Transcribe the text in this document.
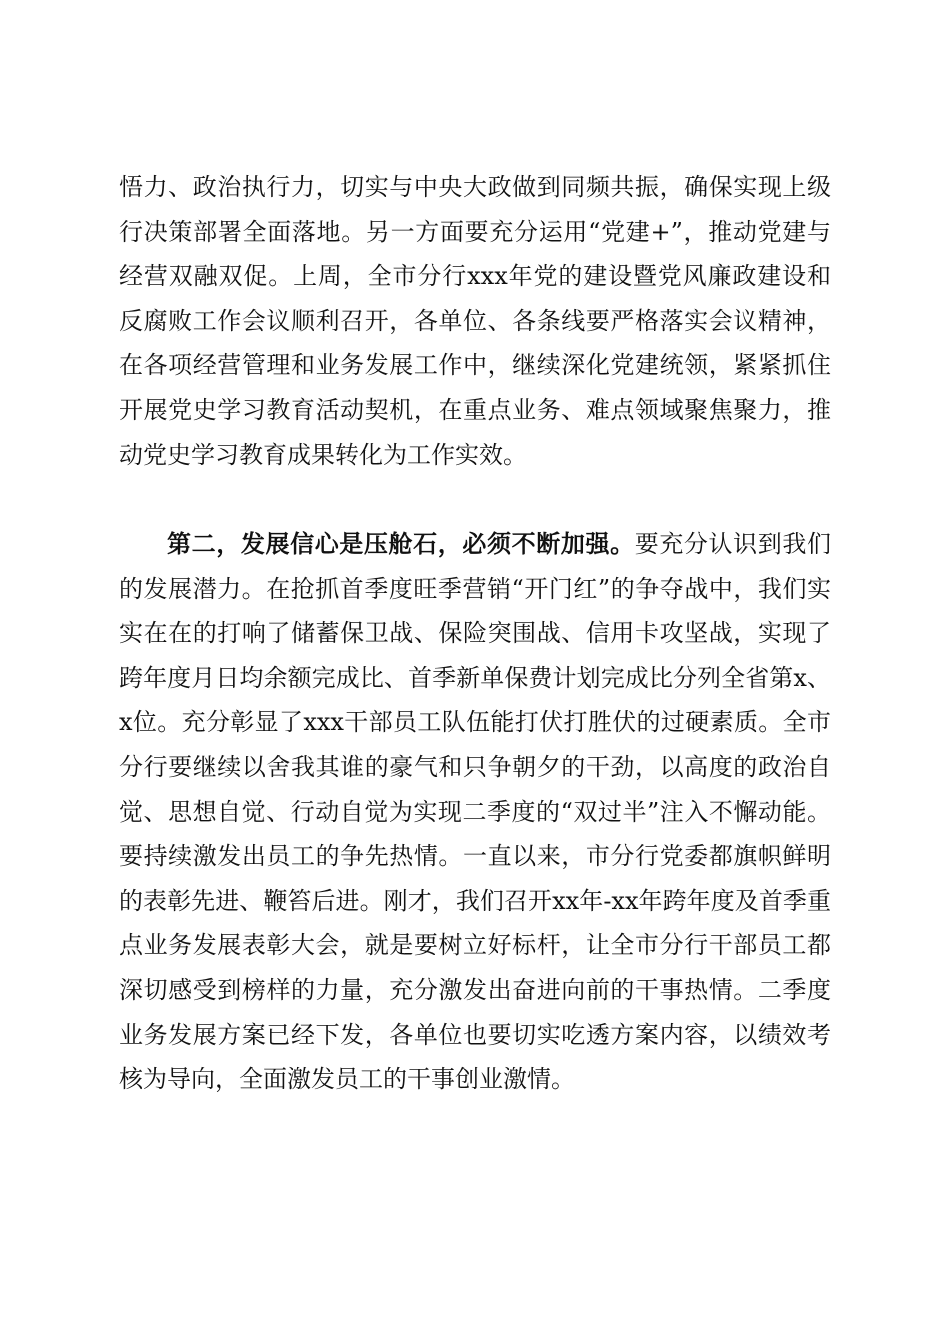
悟力、政治执行力，切实与中央大政做到同频共振，确保实现上级行决策部署全面落地。另一方面要充分运用“党建+”，推动党建与经营双融双促。上周，全市分行xxx年党的建设暨党风廉政建设和反腐败工作会议顺利召开，各单位、各条线要严格落实会议精神，在各项经营管理和业务发展工作中，继续深化党建统领，紧紧抓住开展党史学习教育活动契机，在重点业务、难点领域聚焦聚力，推动党史学习教育成果转化为工作实效。

第二，发展信心是压舱石，必须不断加强。要充分认识到我们的发展潜力。在抢抓首季度旺季营销“开门红”的争夺战中，我们实实在在的打响了储蓄保卫战、保险突围战、信用卡攻坚战，实现了跨年度月日均余额完成比、首季新单保费计划完成比分列全省第x、x位。充分彰显了xxx干部员工队伍能打伏打胜伏的过硬素质。全市分行要继续以舍我其谁的豪气和只争朝夕的干劲，以高度的政治自觉、思想自觉、行动自觉为实现二季度的“双过半”注入不懈动能。要持续激发出员工的争先热情。一直以来，市分行党委都旗帜鲜明的表彰先进、鞭笞后进。刚才，我们召开xx年-xx年跨年度及首季重点业务发展表彰大会，就是要树立好标杆，让全市分行干部员工都深切感受到榜样的力量，充分激发出奋进向前的干事热情。二季度业务发展方案已经下发，各单位也要切实吃透方案内容，以绩效考核为导向，全面激发员工的干事创业激情。
